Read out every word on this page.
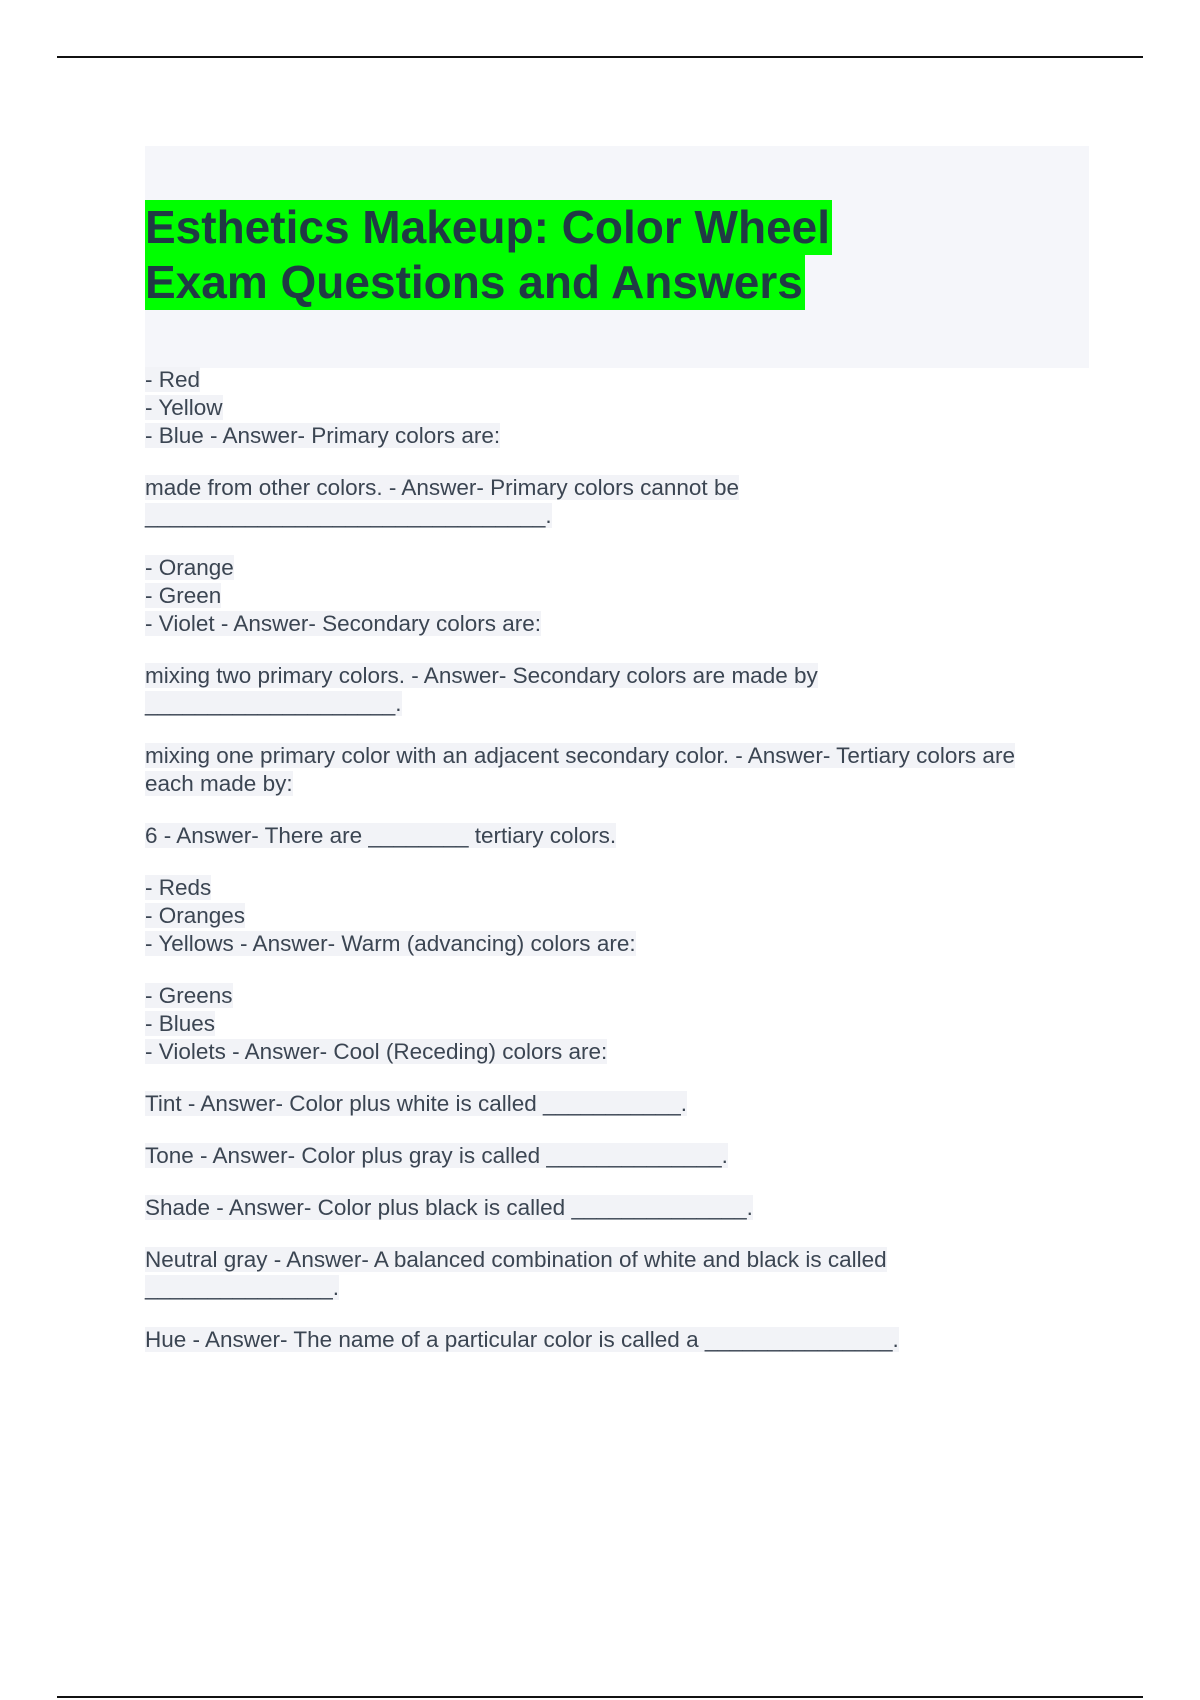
Esthetics Makeup: Color Wheel
Exam Questions and Answers
- Red
- Yellow
- Blue - Answer- Primary colors are:
made from other colors. - Answer- Primary colors cannot be
________________________________.
- Orange
- Green
- Violet - Answer- Secondary colors are:
mixing two primary colors. - Answer- Secondary colors are made by
____________________.
mixing one primary color with an adjacent secondary color. - Answer- Tertiary colors are
each made by:
6 - Answer- There are ________ tertiary colors.
- Reds
- Oranges
- Yellows - Answer- Warm (advancing) colors are:
- Greens
- Blues
- Violets - Answer- Cool (Receding) colors are:
Tint - Answer- Color plus white is called ___________.
Tone - Answer- Color plus gray is called ______________.
Shade - Answer- Color plus black is called ______________.
Neutral gray - Answer- A balanced combination of white and black is called
_______________.
Hue - Answer- The name of a particular color is called a _______________.
